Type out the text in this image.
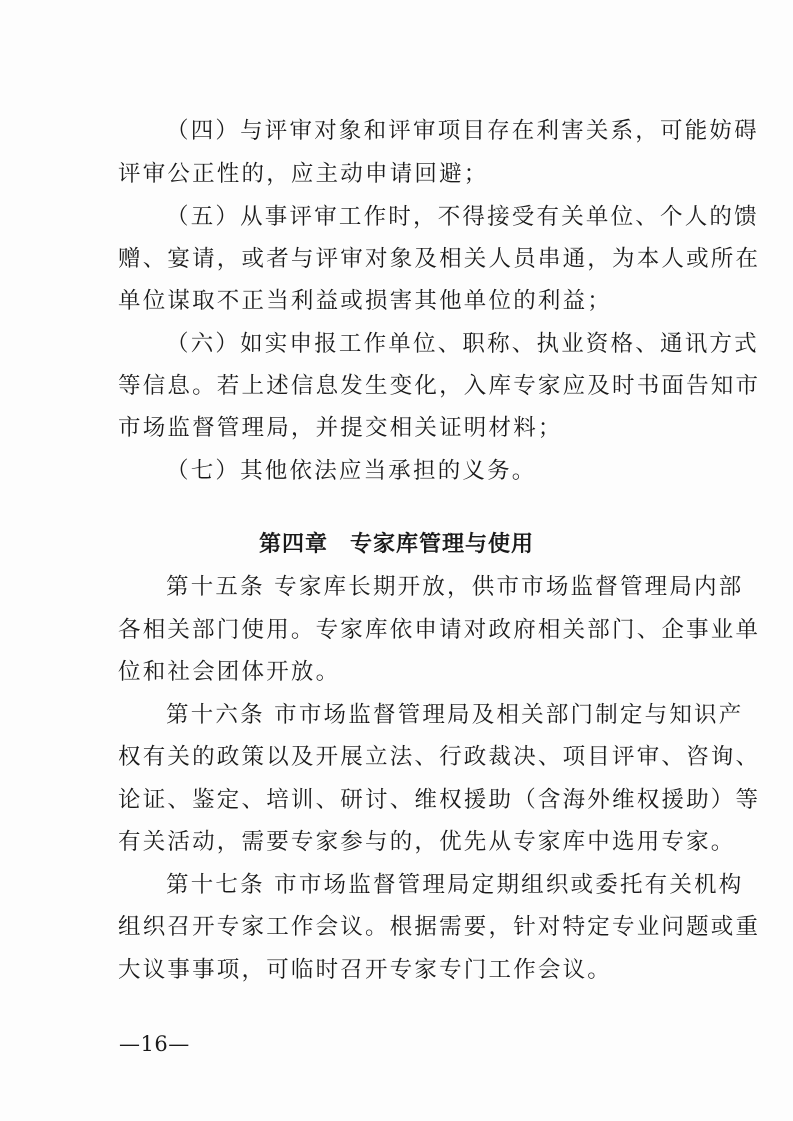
（四）与评审对象和评审项目存在利害关系，可能妨碍
评审公正性的，应主动申请回避；
（五）从事评审工作时，不得接受有关单位、个人的馈
赠、宴请，或者与评审对象及相关人员串通，为本人或所在
单位谋取不正当利益或损害其他单位的利益；
（六）如实申报工作单位、职称、执业资格、通讯方式
等信息。若上述信息发生变化，入库专家应及时书面告知市
市场监督管理局，并提交相关证明材料；
（七）其他依法应当承担的义务。
第四章 专家库管理与使用
第十五条 专家库长期开放，供市市场监督管理局内部
各相关部门使用。专家库依申请对政府相关部门、企事业单
位和社会团体开放。
第十六条 市市场监督管理局及相关部门制定与知识产
权有关的政策以及开展立法、行政裁决、项目评审、咨询、
论证、鉴定、培训、研讨、维权援助（含海外维权援助）等
有关活动，需要专家参与的，优先从专家库中选用专家。
第十七条 市市场监督管理局定期组织或委托有关机构
组织召开专家工作会议。根据需要，针对特定专业问题或重
大议事事项，可临时召开专家专门工作会议。
—16—
